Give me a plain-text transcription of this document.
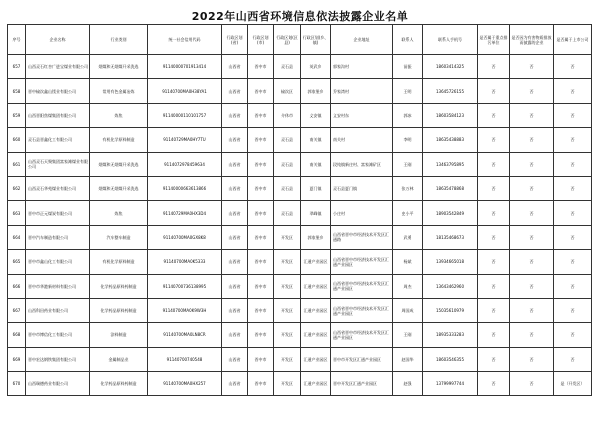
2022年山西省环境信息依法披露企业名单
序号	企业名称	行业类别	统一社会信用代码	行政区划(省)	行政区划(市)	行政区划(区县)	行政区划(乡、镇)	企业地址	联系人	联系人手机号	是否属于重点排污单位	是否因为有害物质排放而披露的企业	是否属于上市公司
657	山西灵石红杏广进宝煤业有限公司	烟煤和无烟煤开采洗选	91140000701913414	山西省	晋中市	灵石县	英武乡	郭家沟村	苗振	18603414325	否	否	否
658	晋中榆次鑫山镁业有限公司	常用有色金属冶炼	91140700MA0H38YA1	山西省	晋中市	榆次区	郭家堡乡	乔家湾村	王明	13645726155	否	否	否
659	山西晋阳焦煤集团有限公司	炼焦	91140000110101757	山西省	晋中市	介休市	义安镇	义安村东	郭冰	18603584123	否	否	否
660	灵石县晋鑫化工有限公司	有机化学原料制造	91140729MA0HY7TU	山西省	晋中市	灵石县	南关镇	南关村	李明	18635438883	否	否	否
661	山西灵石天聚集团富家滩煤业有限公司	烟煤和无烟煤开采洗选	9114072978459634	山西省	晋中市	灵石县	南关镇	段纯镇新庄村、富家滩矿区	王刚	13463795895	否	否	否
662	山西灵石华苑煤业有限公司	烟煤和无烟煤开采洗选	91140000663613866	山西省	晋中市	灵石县	夏门镇	灵石县夏门镇	张万林	18635478868	否	否	否
663	晋中市正元煤炭有限公司	炼焦	91140729MA0HX3D4	山西省	晋中市	灵石县	翠峰镇	小庄村	史小平	18903542849	否	否	否
664	晋中汽车制造有限公司	汽车整车制造	91140700MA0GX8K8	山西省	晋中市	开发区	郭家堡乡	山西省晋中市经济技术开发区汇通路	武勇	18135468673	否	否	否
665	晋中市鑫山化工有限公司	有机化学原料制造	91140700MA0K5333	山西省	晋中市	开发区	汇通产业园区	山西省晋中市经济技术开发区汇通产业园区	杨斌	13934665018	否	否	否
666	晋中市华港新材料有限公司	化学药品原料药制造	91140700736138995	山西省	晋中市	开发区	汇通产业园区	山西省晋中市经济技术开发区汇通产业园区	周杰	13643462960	否	否	否
667	山西科田药业有限公司	化学药品原料药制造	91140700MA0K9W3H	山西省	晋中市	开发区	汇通产业园区	山西省晋中市经济技术开发区汇通产业园区	周国成	15035610979	否	否	否
668	晋中市博信化工有限公司	涂料制造	91140700MA0LN8CR	山西省	晋中市	开发区	汇通产业园区	山西省晋中市经济技术开发区汇通产业园区	王刚	18935333283	否	否	否
669	晋中宏达钢铁集团有限公司	金属制品业	91140700740548	山西省	晋中市	开发区	汇通产业园区	晋中市开发区汇通产业园区	赵国华	18603546355	否	否	否
670	山西瑞德药业有限公司	化学药品原料药制造	91140700MA0HX257	山西省	晋中市	开发区	汇通产业园区	晋中开发区汇通产业园区	赵强	13799997744	否	否	是（开发区）
